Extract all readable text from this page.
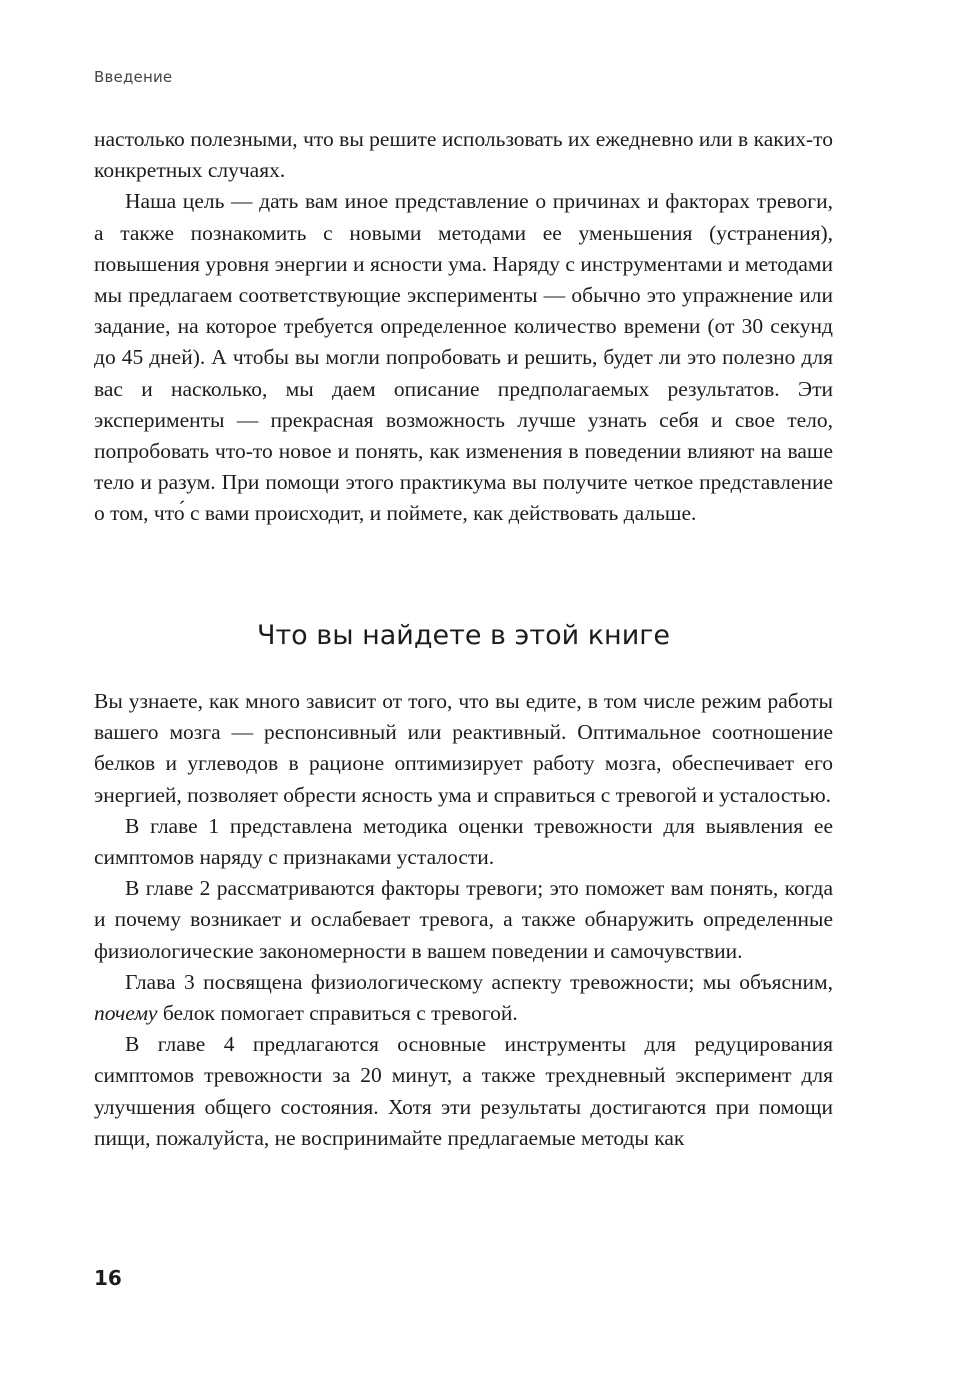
Введение

настолько полезными, что вы решите использовать их ежедневно или в каких-то конкретных случаях.

Наша цель — дать вам иное представление о причинах и факторах тревоги, а также познакомить с новыми методами ее уменьшения (устранения), повышения уровня энергии и ясности ума. Наряду с инструментами и методами мы предлагаем соответствующие эксперименты — обычно это упражнение или задание, на которое требуется определенное количество времени (от 30 секунд до 45 дней). А чтобы вы могли попробовать и решить, будет ли это полезно для вас и насколько, мы даем описание предполагаемых результатов. Эти эксперименты — прекрасная возможность лучше узнать себя и свое тело, попробовать что-то новое и понять, как изменения в поведении влияют на ваше тело и разум. При помощи этого практикума вы получите четкое представление о том, что́ с вами происходит, и поймете, как действовать дальше.

Что вы найдете в этой книге

Вы узнаете, как много зависит от того, что вы едите, в том числе режим работы вашего мозга — респонсивный или реактивный. Оптимальное соотношение белков и углеводов в рационе оптимизирует работу мозга, обеспечивает его энергией, позволяет обрести ясность ума и справиться с тревогой и усталостью.

В главе 1 представлена методика оценки тревожности для выявления ее симптомов наряду с признаками усталости.

В главе 2 рассматриваются факторы тревоги; это поможет вам понять, когда и почему возникает и ослабевает тревога, а также обнаружить определенные физиологические закономерности в вашем поведении и самочувствии.

Глава 3 посвящена физиологическому аспекту тревожности; мы объясним, почему белок помогает справиться с тревогой.

В главе 4 предлагаются основные инструменты для редуцирования симптомов тревожности за 20 минут, а также трехдневный эксперимент для улучшения общего состояния. Хотя эти результаты достигаются при помощи пищи, пожалуйста, не воспринимайте предлагаемые методы как

16
